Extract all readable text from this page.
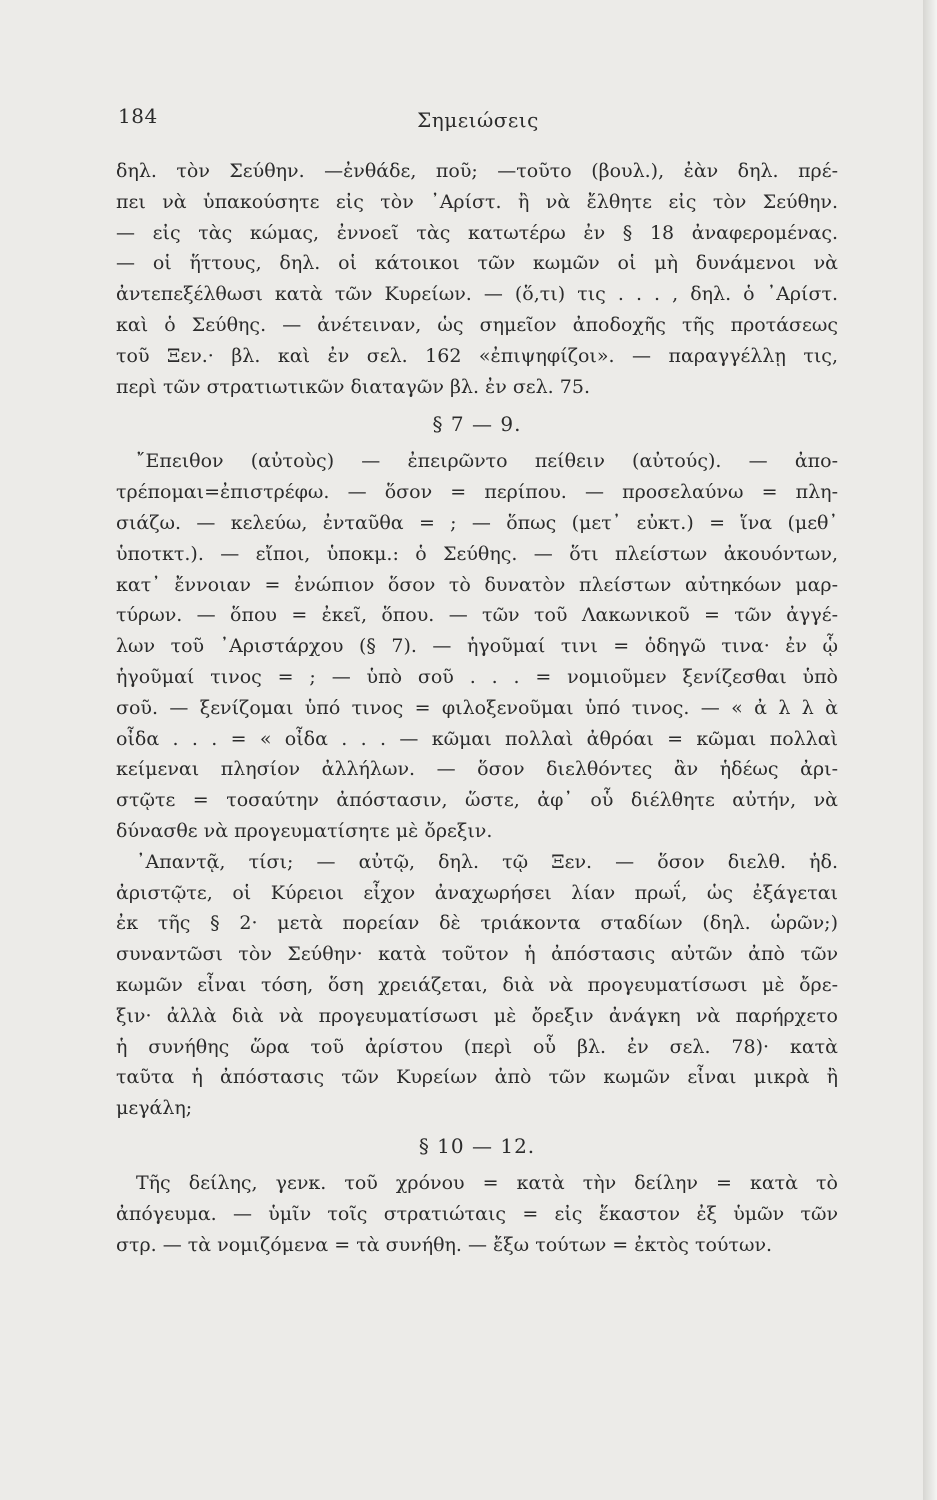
184	Σημειώσεις
δηλ. τὸν Σεύθην. —ἐνθάδε, ποῦ; —τοῦτο (βουλ.), ἐὰν δηλ. πρέ-
πει νὰ ὑπακούσητε εἰς τὸν ᾿Αρίστ. ἢ νὰ ἔλθητε εἰς τὸν Σεύθην.
— εἰς τὰς κώμας, ἐννοεῖ τὰς κατωτέρω ἐν § 18 ἀναφερομένας.
— οἱ ἥττους, δηλ. οἱ κάτοικοι τῶν κωμῶν οἱ μὴ δυνάμενοι νὰ
ἀντεπεξέλθωσι κατὰ τῶν Κυρείων. — (ὅ,τι) τις . . . , δηλ. ὁ ᾿Αρίστ.
καὶ ὁ Σεύθης. — ἀνέτειναν, ὡς σημεῖον ἀποδοχῆς τῆς προτάσεως
τοῦ Ξεν.· βλ. καὶ ἐν σελ. 162 «ἐπιψηφίζοι». — παραγγέλλῃ τις,
περὶ τῶν στρατιωτικῶν διαταγῶν βλ. ἐν σελ. 75.
§ 7 — 9.
῎Επειθον (αὐτοὺς) — ἐπειρῶντο πείθειν (αὐτούς). — ἀπο-
τρέπομαι=ἐπιστρέφω. — ὅσον = περίπου. — προσελαύνω = πλη-
σιάζω. — κελεύω, ἐνταῦθα = ; — ὅπως (μετ᾿ εὐκτ.) = ἵνα (μεθ᾿
ὑποτκτ.). — εἴποι, ὑποκμ.: ὁ Σεύθης. — ὅτι πλείστων ἀκουόντων,
κατ᾿ ἔννοιαν = ἐνώπιον ὅσον τὸ δυνατὸν πλείστων αὐτηκόων μαρ-
τύρων. — ὅπου = ἐκεῖ, ὅπου. — τῶν τοῦ Λακωνικοῦ = τῶν ἀγγέ-
λων τοῦ ᾿Αριστάρχου (§ 7). — ἡγοῦμαί τινι = ὁδηγῶ τινα· ἐν ᾧ
ἡγοῦμαί τινος = ; — ὑπὸ σοῦ . . . = νομιοῦμεν ξενίζεσθαι ὑπὸ
σοῦ. — ξενίζομαι ὑπό τινος = φιλοξενοῦμαι ὑπό τινος. — « ἀ λ λ ὰ
οἶδα . . . = « οἶδα . . . — κῶμαι πολλαὶ ἀθρόαι = κῶμαι πολλαὶ
κείμεναι πλησίον ἀλλήλων. — ὅσον διελθόντες ἂν ἡδέως ἀρι-
στῷτε = τοσαύτην ἀπόστασιν, ὥστε, ἀφ᾿ οὗ διέλθητε αὐτήν, νὰ
δύνασθε νὰ προγευματίσητε μὲ ὄρεξιν.
᾿Απαντᾷ, τίσι; — αὐτῷ, δηλ. τῷ Ξεν. — ὅσον διελθ. ἡδ.
ἀριστῷτε, οἱ Κύρειοι εἶχον ἀναχωρήσει λίαν πρωΐ, ὡς ἐξάγεται
ἐκ τῆς § 2· μετὰ πορείαν δὲ τριάκοντα σταδίων (δηλ. ὡρῶν;)
συναντῶσι τὸν Σεύθην· κατὰ τοῦτον ἡ ἀπόστασις αὐτῶν ἀπὸ τῶν
κωμῶν εἶναι τόση, ὅση χρειάζεται, διὰ νὰ προγευματίσωσι μὲ ὄρε-
ξιν· ἀλλὰ διὰ νὰ προγευματίσωσι μὲ ὄρεξιν ἀνάγκη νὰ παρήρχετο
ἡ συνήθης ὥρα τοῦ ἀρίστου (περὶ οὗ βλ. ἐν σελ. 78)· κατὰ
ταῦτα ἡ ἀπόστασις τῶν Κυρείων ἀπὸ τῶν κωμῶν εἶναι μικρὰ ἢ
μεγάλη;
§ 10 — 12.
Τῆς δείλης, γενκ. τοῦ χρόνου = κατὰ τὴν δείλην = κατὰ τὸ
ἀπόγευμα. — ὑμῖν τοῖς στρατιώταις = εἰς ἕκαστον ἐξ ὑμῶν τῶν
στρ. — τὰ νομιζόμενα = τὰ συνήθη. — ἔξω τούτων = ἐκτὸς τούτων.
